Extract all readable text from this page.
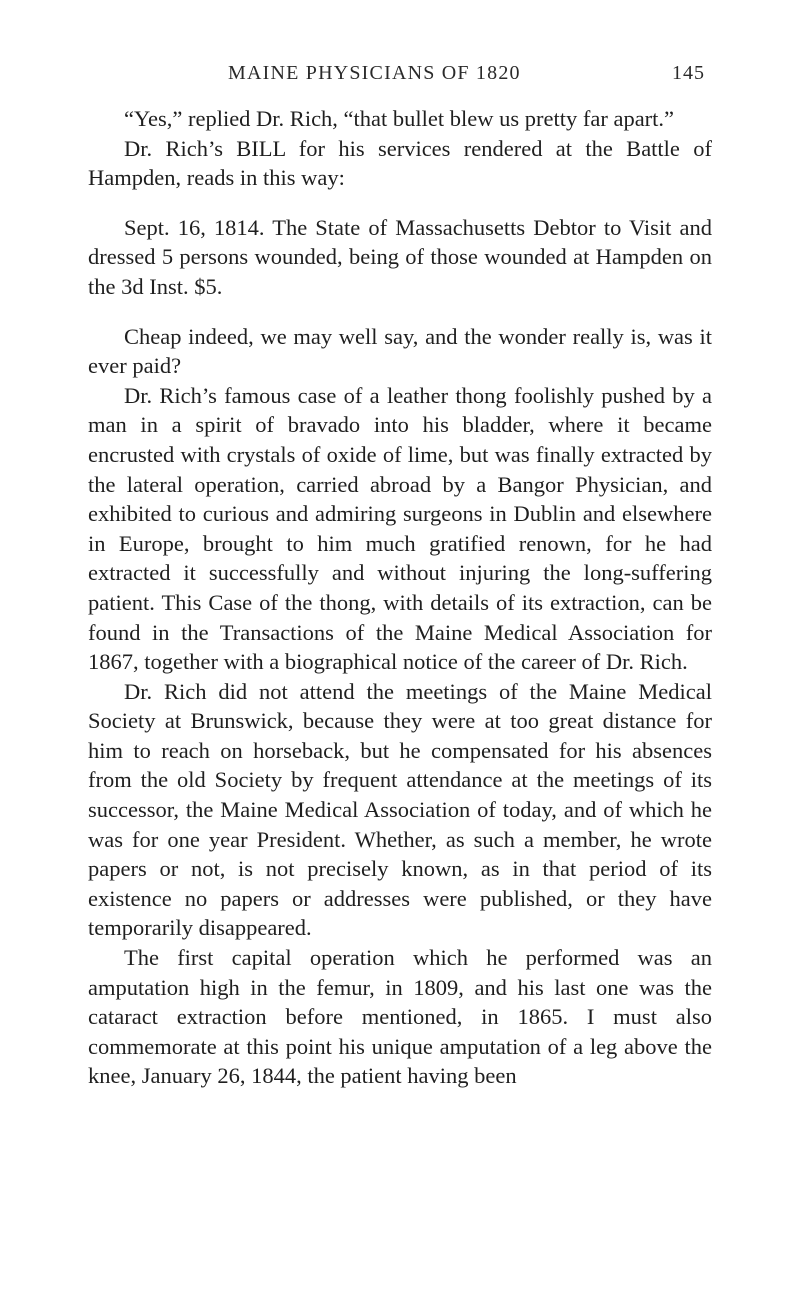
MAINE PHYSICIANS OF 1820	145

“Yes,” replied Dr. Rich, “that bullet blew us pretty far apart.”

Dr. Rich’s BILL for his services rendered at the Battle of Hampden, reads in this way:

Sept. 16, 1814. The State of Massachusetts Debtor to Visit and dressed 5 persons wounded, being of those wounded at Hampden on the 3d Inst. $5.

Cheap indeed, we may well say, and the wonder really is, was it ever paid?

Dr. Rich’s famous case of a leather thong foolishly pushed by a man in a spirit of bravado into his bladder, where it became encrusted with crystals of oxide of lime, but was finally extracted by the lateral operation, carried abroad by a Bangor Physician, and exhibited to curious and admiring surgeons in Dublin and elsewhere in Europe, brought to him much gratified renown, for he had extracted it successfully and without injuring the long-suffering patient. This Case of the thong, with details of its extraction, can be found in the Transactions of the Maine Medical Association for 1867, together with a biographical notice of the career of Dr. Rich.

Dr. Rich did not attend the meetings of the Maine Medical Society at Brunswick, because they were at too great distance for him to reach on horseback, but he compensated for his absences from the old Society by frequent attendance at the meetings of its successor, the Maine Medical Association of today, and of which he was for one year President. Whether, as such a member, he wrote papers or not, is not precisely known, as in that period of its existence no papers or addresses were published, or they have temporarily disappeared.

The first capital operation which he performed was an amputation high in the femur, in 1809, and his last one was the cataract extraction before mentioned, in 1865. I must also commemorate at this point his unique amputation of a leg above the knee, January 26, 1844, the patient having been
